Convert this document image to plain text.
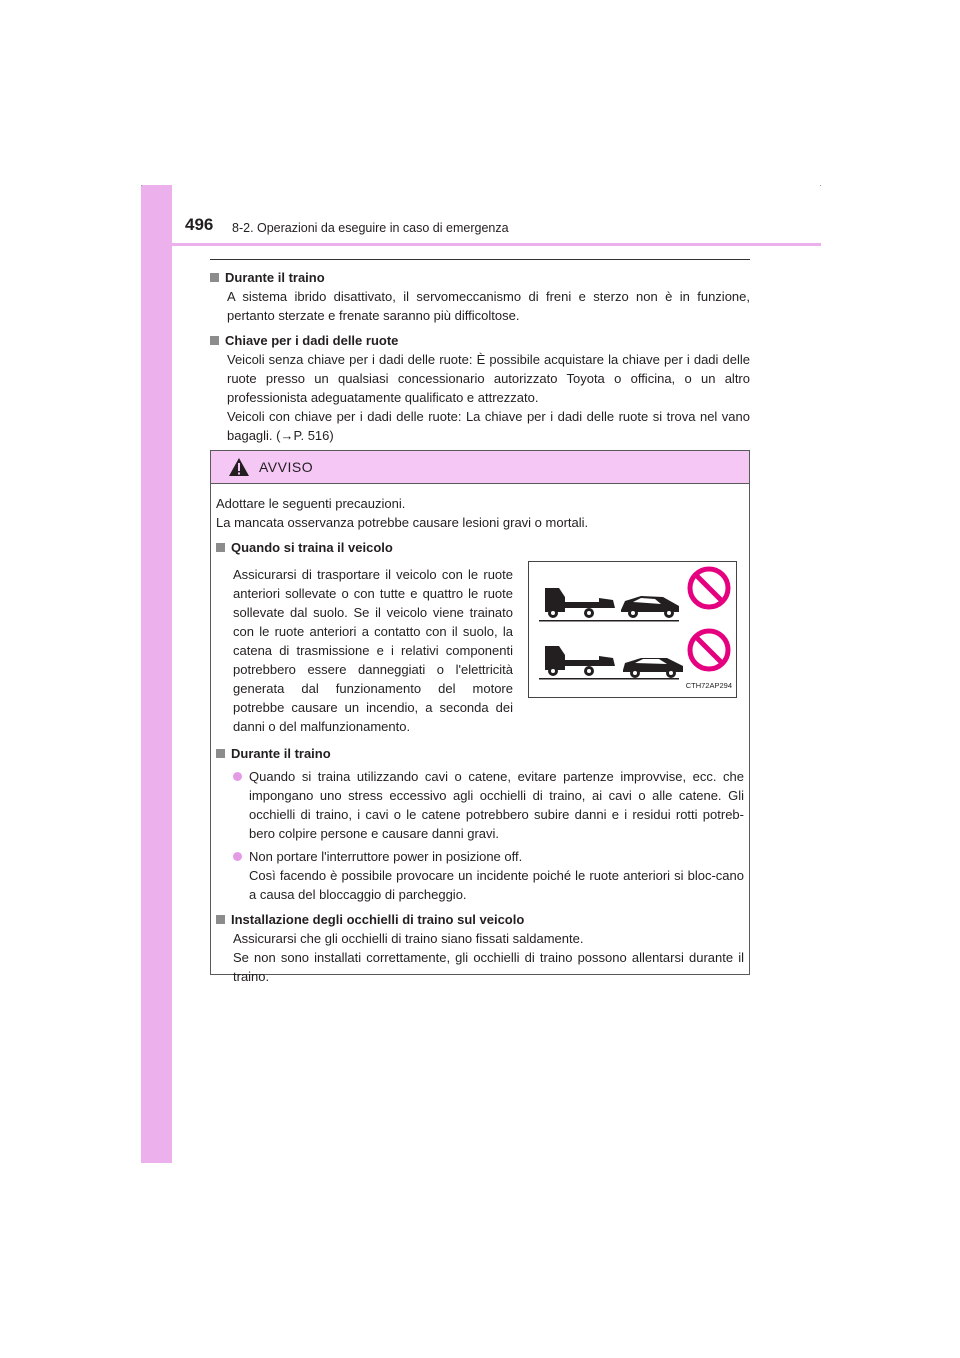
496 8-2. Operazioni da eseguire in caso di emergenza
Durante il traino
A sistema ibrido disattivato, il servomeccanismo di freni e sterzo non è in funzione, pertanto sterzate e frenate saranno più difficoltose.
Chiave per i dadi delle ruote
Veicoli senza chiave per i dadi delle ruote: È possibile acquistare la chiave per i dadi delle ruote presso un qualsiasi concessionario autorizzato Toyota o officina, o un altro professionista adeguatamente qualificato e attrezzato.
Veicoli con chiave per i dadi delle ruote: La chiave per i dadi delle ruote si trova nel vano bagagli. (→P. 516)
AVVISO
Adottare le seguenti precauzioni.
La mancata osservanza potrebbe causare lesioni gravi o mortali.
Quando si traina il veicolo
Assicurarsi di trasportare il veicolo con le ruote anteriori sollevate o con tutte e quattro le ruote sollevate dal suolo. Se il veicolo viene trainato con le ruote anteriori a contatto con il suolo, la catena di trasmissione e i relativi componenti potrebbero essere danneggiati o l'elettricità generata dal funzionamento del motore potrebbe causare un incendio, a seconda dei danni o del malfunzionamento.
CTH72AP294
Durante il traino
Quando si traina utilizzando cavi o catene, evitare partenze improvvise, ecc. che impongano uno stress eccessivo agli occhielli di traino, ai cavi o alle catene. Gli occhielli di traino, i cavi o le catene potrebbero subire danni e i residui rotti potreb-bero colpire persone e causare danni gravi.
Non portare l'interruttore power in posizione off.
Così facendo è possibile provocare un incidente poiché le ruote anteriori si bloc-cano a causa del bloccaggio di parcheggio.
Installazione degli occhielli di traino sul veicolo
Assicurarsi che gli occhielli di traino siano fissati saldamente.
Se non sono installati correttamente, gli occhielli di traino possono allentarsi durante il traino.
